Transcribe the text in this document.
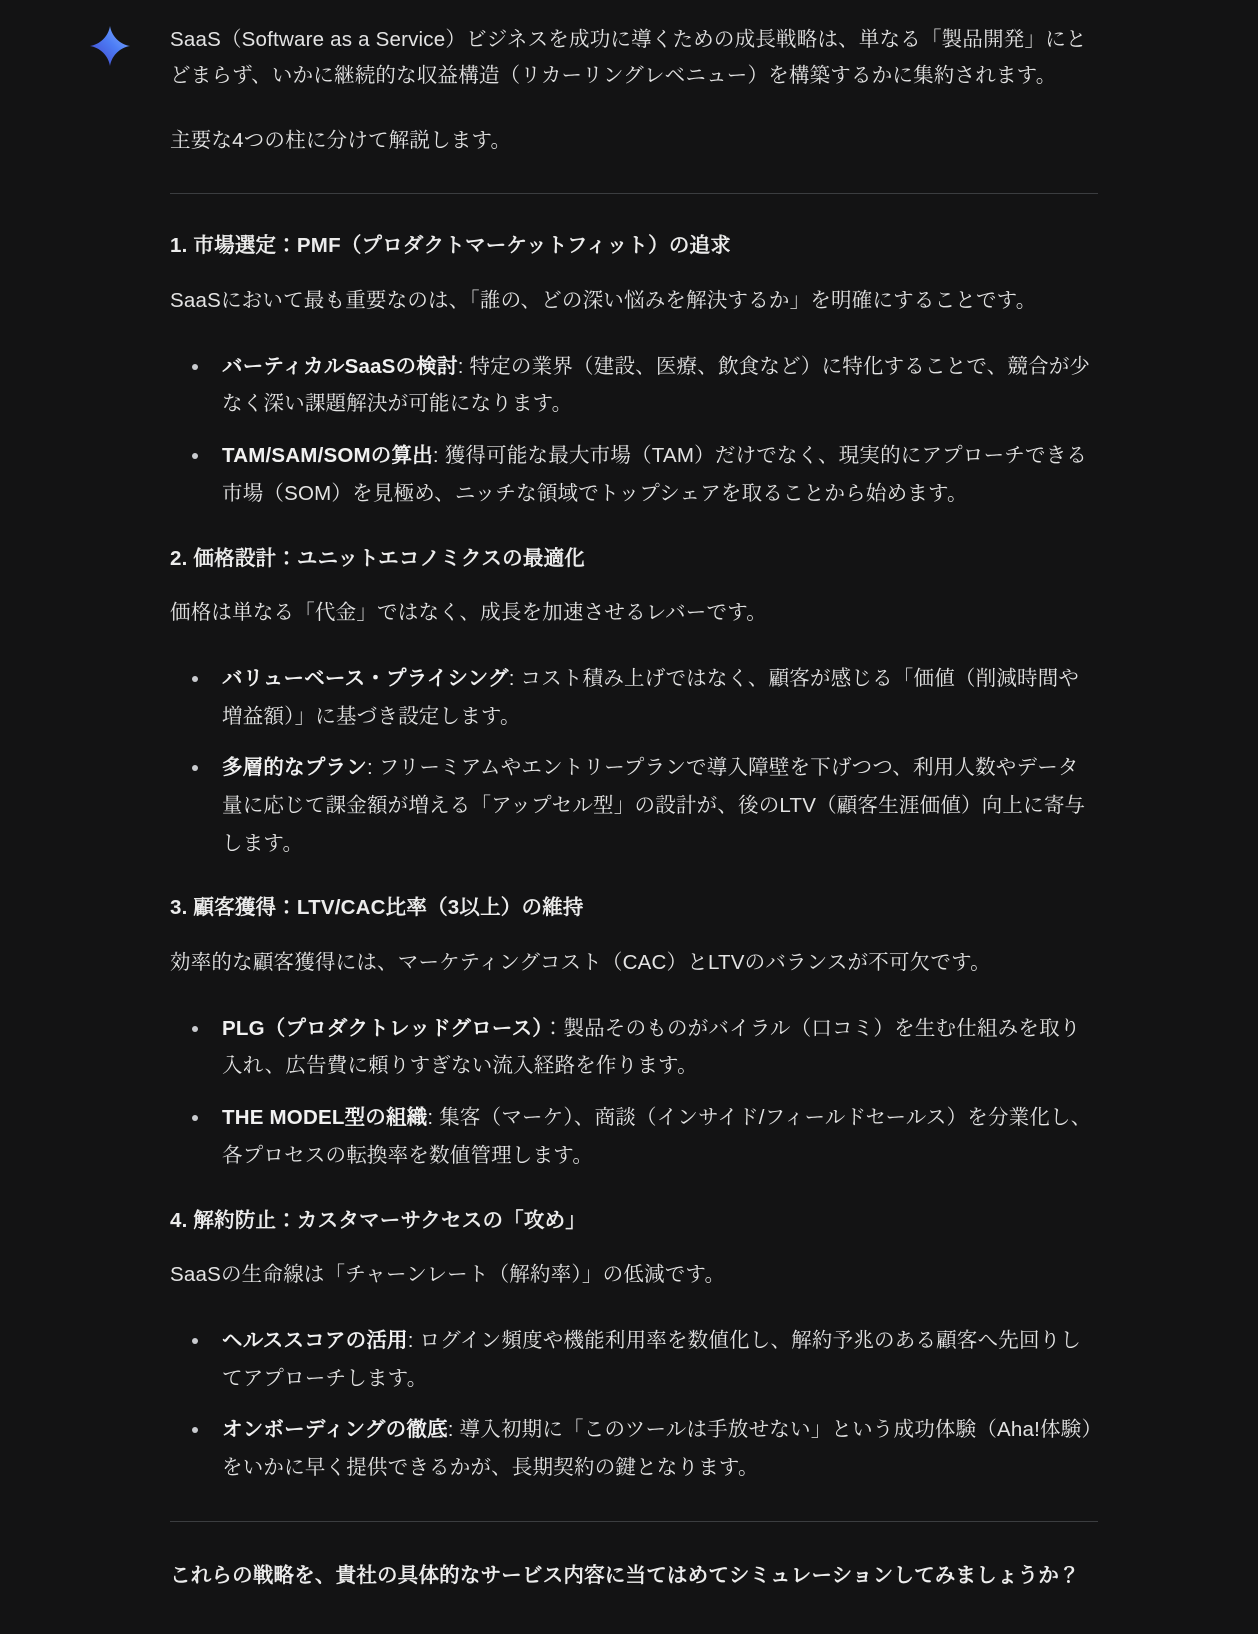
SaaS（Software as a Service）ビジネスを成功に導くための成長戦略は、単なる「製品開発」にとどまらず、いかに継続的な収益構造（リカーリングレベニュー）を構築するかに集約されます。

主要な4つの柱に分けて解説します。

1. 市場選定：PMF（プロダクトマーケットフィット）の追求

SaaSにおいて最も重要なのは、「誰の、どの深い悩みを解決するか」を明確にすることです。

バーティカルSaaSの検討: 特定の業界（建設、医療、飲食など）に特化することで、競合が少なく深い課題解決が可能になります。
TAM/SAM/SOMの算出: 獲得可能な最大市場（TAM）だけでなく、現実的にアプローチできる市場（SOM）を見極め、ニッチな領域でトップシェアを取ることから始めます。
2. 価格設計：ユニットエコノミクスの最適化

価格は単なる「代金」ではなく、成長を加速させるレバーです。

バリューベース・プライシング: コスト積み上げではなく、顧客が感じる「価値（削減時間や増益額）」に基づき設定します。
多層的なプラン: フリーミアムやエントリープランで導入障壁を下げつつ、利用人数やデータ量に応じて課金額が増える「アップセル型」の設計が、後のLTV（顧客生涯価値）向上に寄与します。
3. 顧客獲得：LTV/CAC比率（3以上）の維持

効率的な顧客獲得には、マーケティングコスト（CAC）とLTVのバランスが不可欠です。

PLG（プロダクトレッドグロース）：製品そのものがバイラル（口コミ）を生む仕組みを取り入れ、広告費に頼りすぎない流入経路を作ります。
THE MODEL型の組織: 集客（マーケ）、商談（インサイド/フィールドセールス）を分業化し、各プロセスの転換率を数値管理します。
4. 解約防止：カスタマーサクセスの「攻め」

SaaSの生命線は「チャーンレート（解約率）」の低減です。

ヘルススコアの活用: ログイン頻度や機能利用率を数値化し、解約予兆のある顧客へ先回りしてアプローチします。
オンボーディングの徹底: 導入初期に「このツールは手放せない」という成功体験（Aha!体験）をいかに早く提供できるかが、長期契約の鍵となります。

これらの戦略を、貴社の具体的なサービス内容に当てはめてシミュレーションしてみましょうか？
